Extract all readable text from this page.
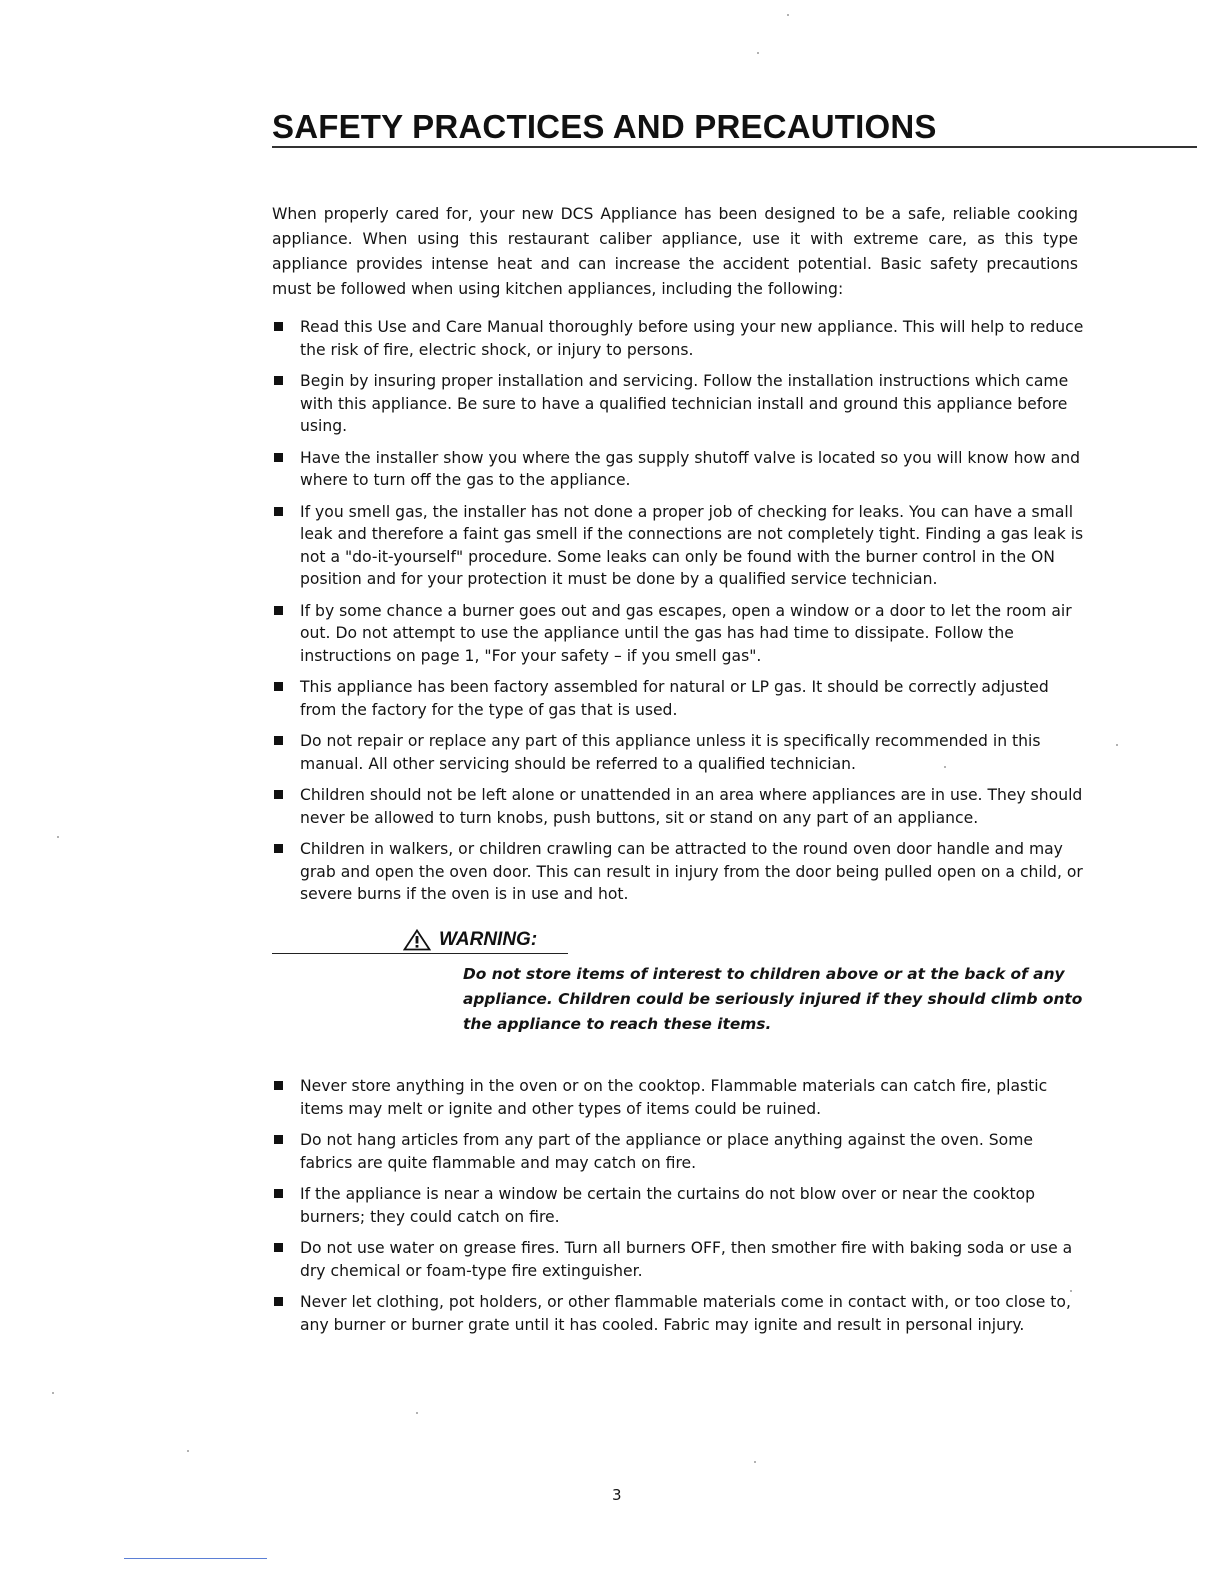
SAFETY PRACTICES AND PRECAUTIONS

When properly cared for, your new DCS Appliance has been designed to be a safe, reliable cooking appliance. When using this restaurant caliber appliance, use it with extreme care, as this type appliance provides intense heat and can increase the accident potential. Basic safety precautions must be followed when using kitchen appliances, including the following:

Read this Use and Care Manual thoroughly before using your new appliance. This will help to reduce the risk of fire, electric shock, or injury to persons.
Begin by insuring proper installation and servicing. Follow the installation instructions which came with this appliance. Be sure to have a qualified technician install and ground this appliance before using.
Have the installer show you where the gas supply shutoff valve is located so you will know how and where to turn off the gas to the appliance.
If you smell gas, the installer has not done a proper job of checking for leaks. You can have a small leak and therefore a faint gas smell if the connections are not completely tight. Finding a gas leak is not a "do-it-yourself" procedure. Some leaks can only be found with the burner control in the ON position and for your protection it must be done by a qualified service technician.
If by some chance a burner goes out and gas escapes, open a window or a door to let the room air out. Do not attempt to use the appliance until the gas has had time to dissipate. Follow the instructions on page 1, "For your safety – if you smell gas".
This appliance has been factory assembled for natural or LP gas. It should be correctly adjusted from the factory for the type of gas that is used.
Do not repair or replace any part of this appliance unless it is specifically recommended in this manual. All other servicing should be referred to a qualified technician.
Children should not be left alone or unattended in an area where appliances are in use. They should never be allowed to turn knobs, push buttons, sit or stand on any part of an appliance.
Children in walkers, or children crawling can be attracted to the round oven door handle and may grab and open the oven door. This can result in injury from the door being pulled open on a child, or severe burns if the oven is in use and hot.
WARNING:

Do not store items of interest to children above or at the back of any appliance. Children could be seriously injured if they should climb onto the appliance to reach these items.

Never store anything in the oven or on the cooktop. Flammable materials can catch fire, plastic items may melt or ignite and other types of items could be ruined.
Do not hang articles from any part of the appliance or place anything against the oven. Some fabrics are quite flammable and may catch on fire.
If the appliance is near a window be certain the curtains do not blow over or near the cooktop burners; they could catch on fire.
Do not use water on grease fires. Turn all burners OFF, then smother fire with baking soda or use a dry chemical or foam-type fire extinguisher.
Never let clothing, pot holders, or other flammable materials come in contact with, or too close to, any burner or burner grate until it has cooled. Fabric may ignite and result in personal injury.
3
